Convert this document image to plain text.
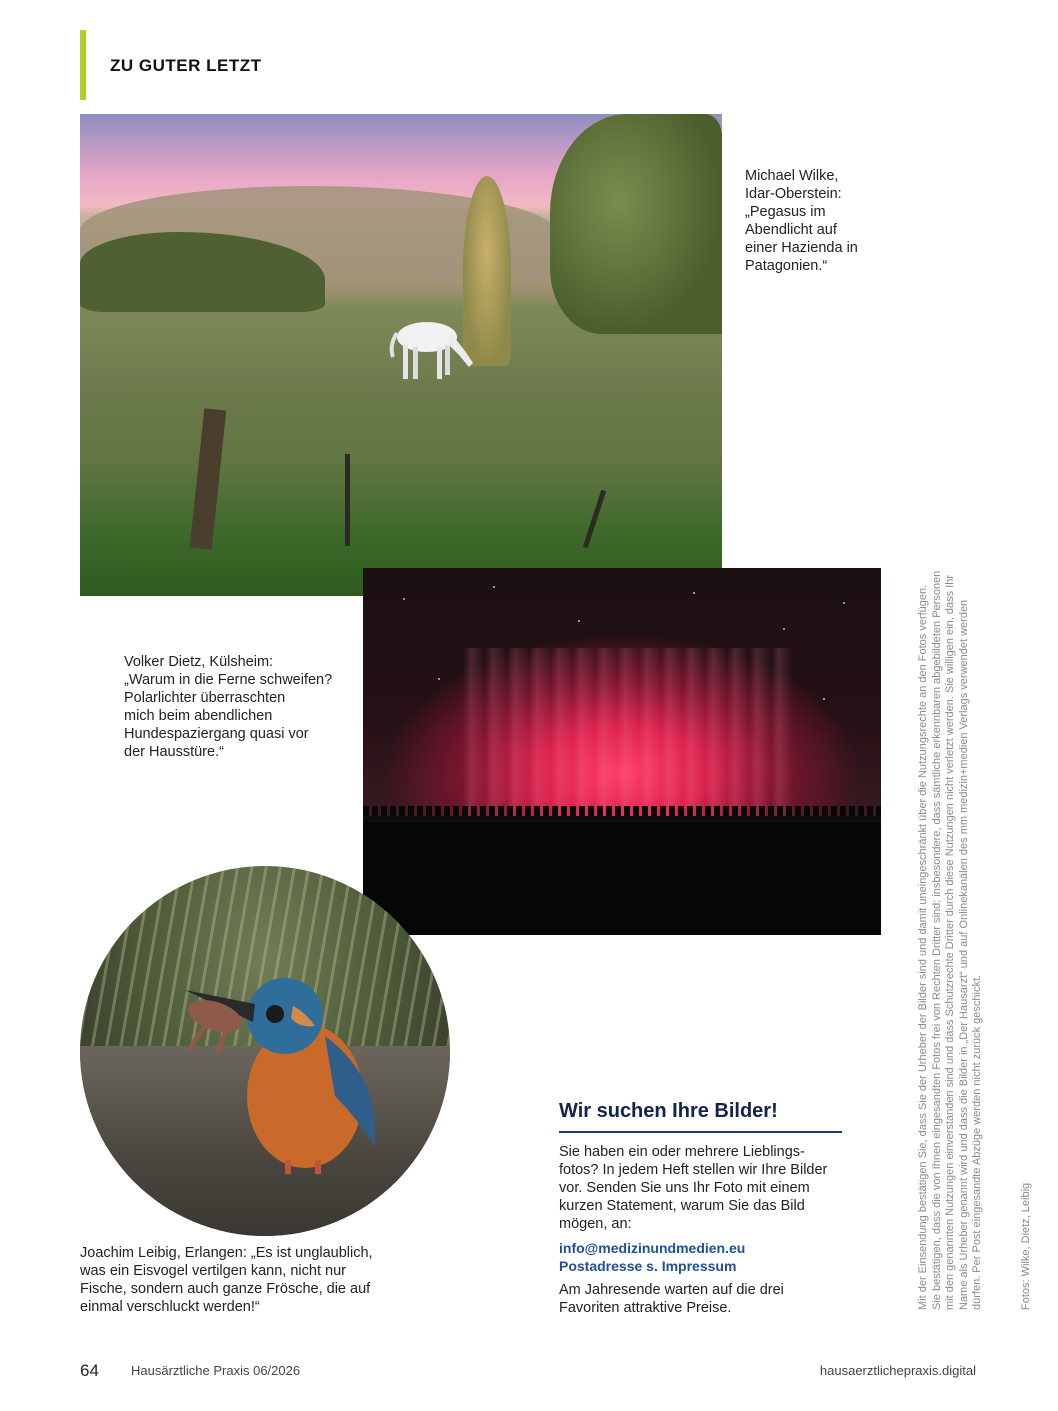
ZU GUTER LETZT
Michael Wilke,
Idar-Oberstein:
„Pegasus im
Abendlicht auf
einer Hazienda in
Patagonien.“
Volker Dietz, Külsheim:
„Warum in die Ferne schweifen?
Polarlichter überraschten
mich beim abendlichen
Hundespaziergang quasi vor
der Hausstüre.“
Joachim Leibig, Erlangen: „Es ist unglaublich,
was ein Eisvogel vertilgen kann, nicht nur
Fische, sondern auch ganze Frösche, die auf
einmal verschluckt werden!“
Wir suchen Ihre Bilder!
Sie haben ein oder mehrere Lieblings-
fotos? In jedem Heft stellen wir Ihre Bilder
vor. Senden Sie uns Ihr Foto mit einem
kurzen Statement, warum Sie das Bild
mögen, an:
info@medizinundmedien.eu
Postadresse s. Impressum
Am Jahresende warten auf die drei
Favoriten attraktive Preise.	Mit der Einsendung bestätigen Sie, dass Sie der Urheber der Bilder sind und damit uneingeschränkt über die Nutzungsrechte an den Fotos verfügen. Sie bestätigen, dass die von Ihnen eingesandten Fotos frei von Rechten Dritter sind; insbesondere, dass sämtliche erkennbaren abgebildeten Personen mit den genannten Nutzungen einverstanden sind und dass Schutzrechte Dritter durch diese Nutzungen nicht verletzt werden. Sie willigen ein, dass Ihr Name als Urheber genannt wird und dass die Bilder in „Der Hausarzt“ und auf Onlinekanälen des mm medizin+medien Verlags verwendet werden dürfen. Per Post eingesandte Abzüge werden nicht zurück geschickt.	Fotos: Wilke, Dietz, Leibig
64 Hausärztliche Praxis 06/2026	hausaerztlichepraxis.digital
